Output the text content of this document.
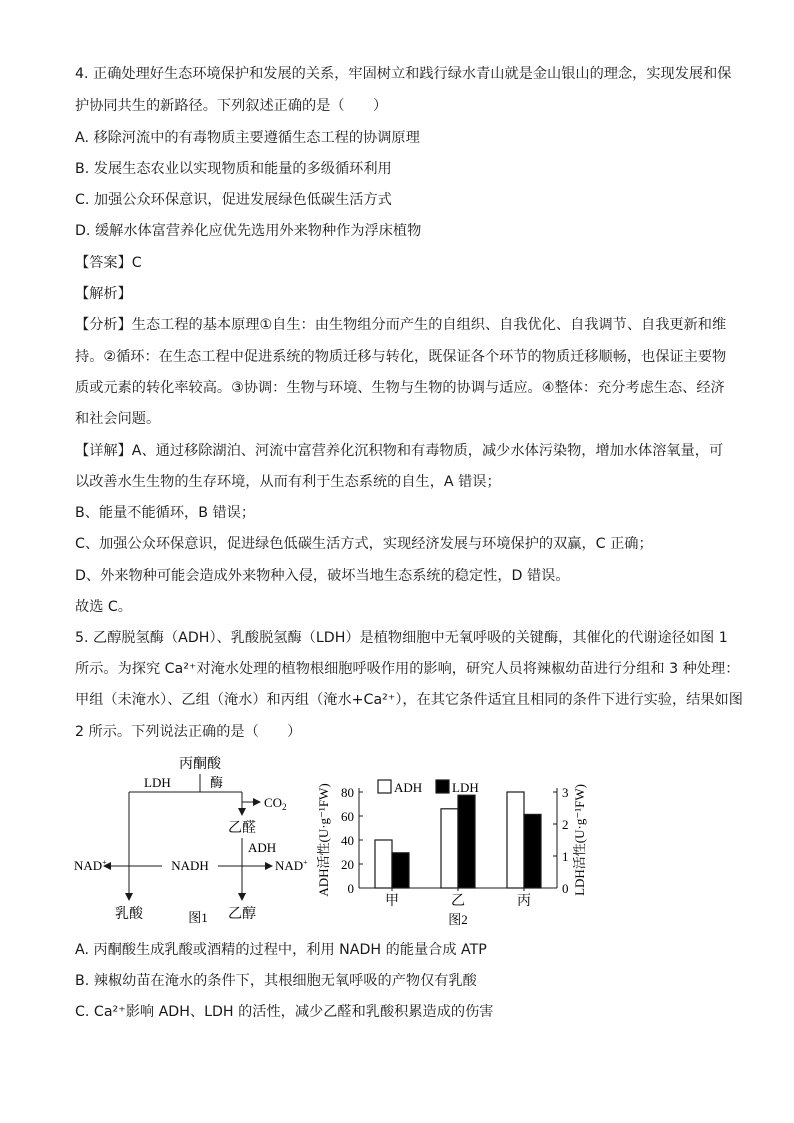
4. 正确处理好生态环境保护和发展的关系，牢固树立和践行绿水青山就是金山银山的理念，实现发展和保
护协同共生的新路径。下列叙述正确的是（　　）
A. 移除河流中的有毒物质主要遵循生态工程的协调原理
B. 发展生态农业以实现物质和能量的多级循环利用
C. 加强公众环保意识，促进发展绿色低碳生活方式
D. 缓解水体富营养化应优先选用外来物种作为浮床植物
【答案】C
【解析】
【分析】生态工程的基本原理①自生：由生物组分而产生的自组织、自我优化、自我调节、自我更新和维
持。②循环：在生态工程中促进系统的物质迁移与转化，既保证各个环节的物质迁移顺畅，也保证主要物
质或元素的转化率较高。③协调：生物与环境、生物与生物的协调与适应。④整体：充分考虑生态、经济
和社会问题。
【详解】A、通过移除湖泊、河流中富营养化沉积物和有毒物质，减少水体污染物，增加水体溶氧量，可
以改善水生生物的生存环境，从而有利于生态系统的自生，A 错误；
B、能量不能循环，B 错误；
C、加强公众环保意识，促进绿色低碳生活方式，实现经济发展与环境保护的双赢，C 正确；
D、外来物种可能会造成外来物种入侵，破坏当地生态系统的稳定性，D 错误。
故选 C。
5. 乙醇脱氢酶（ADH）、乳酸脱氢酶（LDH）是植物细胞中无氧呼吸的关键酶，其催化的代谢途径如图 1
所示。为探究 Ca²⁺对淹水处理的植物根细胞呼吸作用的影响，研究人员将辣椒幼苗进行分组和 3 种处理：
甲组（未淹水）、乙组（淹水）和丙组（淹水+Ca²⁺），在其它条件适宜且相同的条件下进行实验，结果如图
2 所示。下列说法正确的是（　　）
A. 丙酮酸生成乳酸或酒精的过程中，利用 NADH 的能量合成 ATP
B. 辣椒幼苗在淹水的条件下，其根细胞无氧呼吸的产物仅有乳酸
C. Ca²⁺影响 ADH、LDH 的活性，减少乙醛和乳酸积累造成的伤害
丙酮酸
LDH	酶
$CO_2$
乙醛
ADH
NADH
NAD+	NAD+
乳酸	乙醇
图1
0
20
40
60
80
0
1
2
3
ADH活性(U·g⁻¹FW)	LDH活性(U·g⁻¹FW)
甲	乙	丙
ADH LDH
图2
